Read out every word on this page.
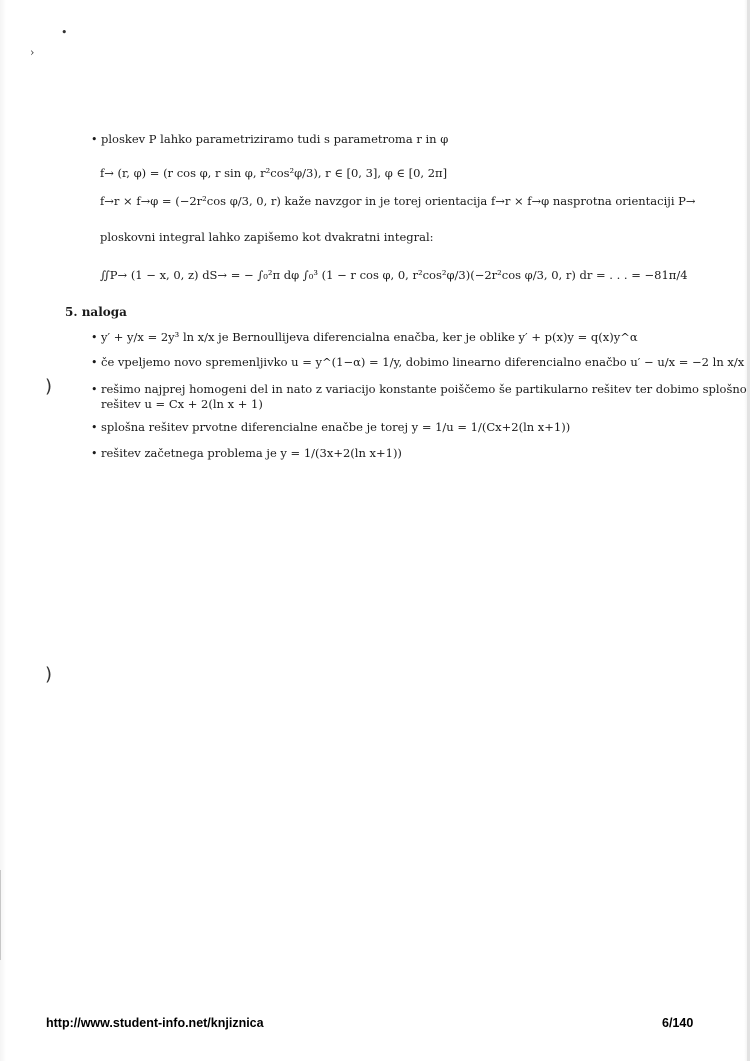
•
›
)
)
• ploskev P lahko parametriziramo tudi s parametroma r in φ
f→ (r, φ) = (r cos φ, r sin φ, r²cos²φ/3), r ∈ [0, 3], φ ∈ [0, 2π]
f→r × f→φ = (−2r²cos φ/3, 0, r) kaže navzgor in je torej orientacija f→r × f→φ nasprotna orientaciji P→
ploskovni integral lahko zapišemo kot dvakratni integral:
∬P→ (1 − x, 0, z) dS→ = − ∫₀²π dφ ∫₀³ (1 − r cos φ, 0, r²cos²φ/3)(−2r²cos φ/3, 0, r) dr = . . . = −81π/4
5. naloga
• y′ + y/x = 2y³ ln x/x je Bernoullijeva diferencialna enačba, ker je oblike y′ + p(x)y = q(x)y^α
• če vpeljemo novo spremenljivko u = y^(1−α) = 1/y, dobimo linearno diferencialno enačbo u′ − u/x = −2 ln x/x
• rešimo najprej homogeni del in nato z variacijo konstante poiščemo še partikularno rešitev ter dobimo splošno
rešitev u = Cx + 2(ln x + 1)
• splošna rešitev prvotne diferencialne enačbe je torej y = 1/u = 1/(Cx+2(ln x+1))
• rešitev začetnega problema je y = 1/(3x+2(ln x+1))
http://www.student-info.net/knjiznica	6/140
